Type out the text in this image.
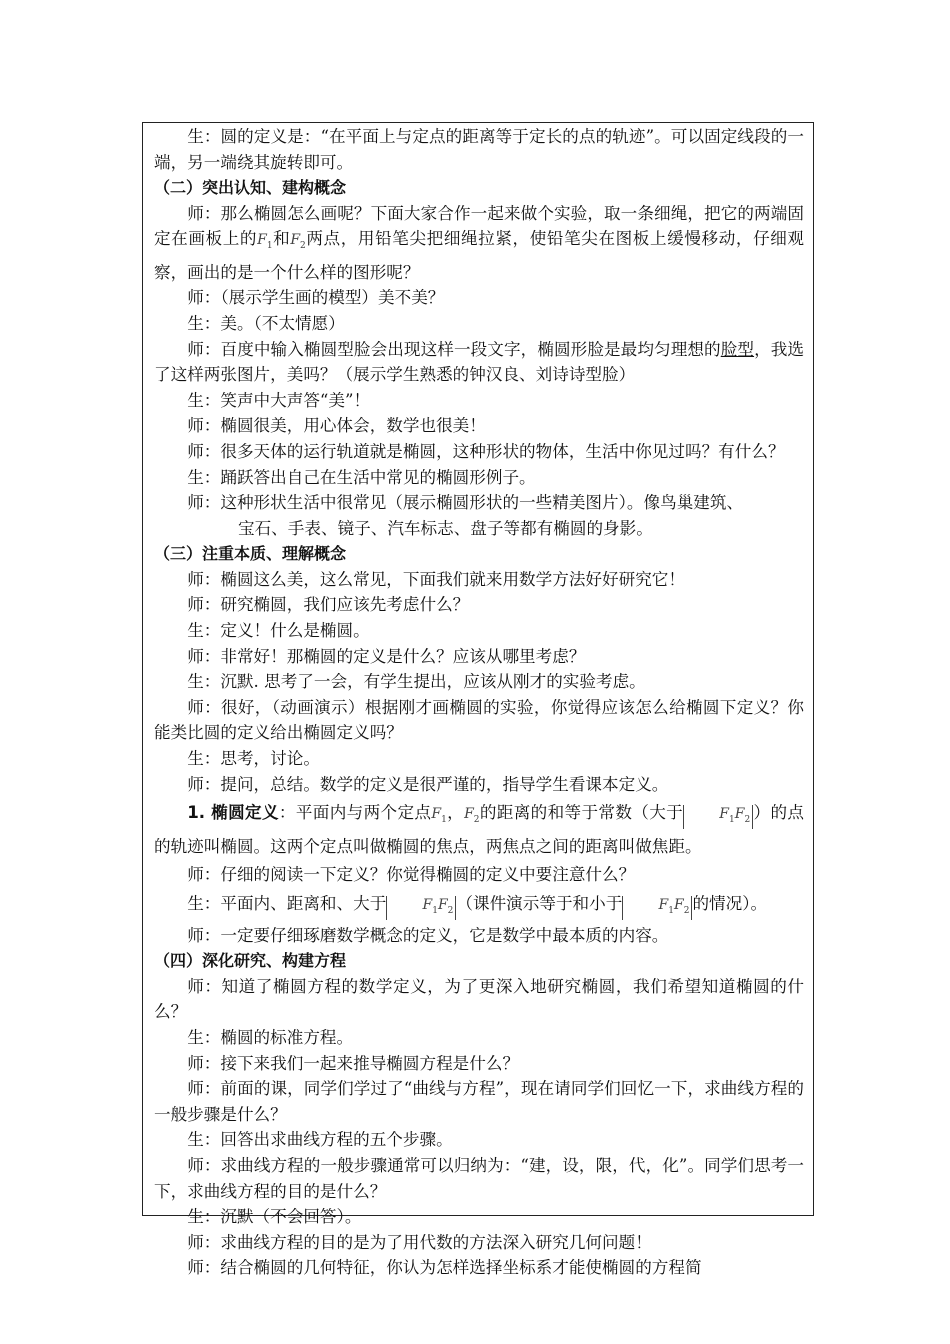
生：圆的定义是：“在平面上与定点的距离等于定长的点的轨迹”。可以固定线段的一端，另一端绕其旋转即可。

（二）突出认知、建构概念

师：那么椭圆怎么画呢？下面大家合作一起来做个实验，取一条细绳，把它的两端固定在画板上的$F_1$和$F_2$两点，用铅笔尖把细绳拉紧，使铅笔尖在图板上缓慢移动，仔细观察，画出的是一个什么样的图形呢？

师：（展示学生画的模型）美不美？

生：美。（不太情愿）

师：百度中输入椭圆型脸会出现这样一段文字，椭圆形脸是最均匀理想的脸型，我选了这样两张图片，美吗？（展示学生熟悉的钟汉良、刘诗诗型脸）

生：笑声中大声答“美”！

师：椭圆很美，用心体会，数学也很美！

师：很多天体的运行轨道就是椭圆，这种形状的物体，生活中你见过吗？有什么？

生：踊跃答出自己在生活中常见的椭圆形例子。

师：这种形状生活中很常见（展示椭圆形状的一些精美图片）。像鸟巢建筑、

宝石、手表、镜子、汽车标志、盘子等都有椭圆的身影。

（三）注重本质、理解概念

师：椭圆这么美，这么常见，下面我们就来用数学方法好好研究它！

师：研究椭圆，我们应该先考虑什么？

生：定义！什么是椭圆。

师：非常好！那椭圆的定义是什么？应该从哪里考虑？

生：沉默. 思考了一会，有学生提出，应该从刚才的实验考虑。

师：很好，（动画演示）根据刚才画椭圆的实验，你觉得应该怎么给椭圆下定义？你能类比圆的定义给出椭圆定义吗？

生：思考，讨论。

师：提问，总结。数学的定义是很严谨的，指导学生看课本定义。

1. 椭圆定义：平面内与两个定点$F_1$，$F_2$的距离的和等于常数（大于	$F_1F_2$ ）的点的轨迹叫椭圆。这两个定点叫做椭圆的焦点，两焦点之间的距离叫做焦距。

师：仔细的阅读一下定义？你觉得椭圆的定义中要注意什么？

生：平面内、距离和、大于	$F_1F_2$ （课件演示等于和小于	$F_1F_2$ 的情况）。

师：一定要仔细琢磨数学概念的定义，它是数学中最本质的内容。

（四）深化研究、构建方程

师：知道了椭圆方程的数学定义，为了更深入地研究椭圆，我们希望知道椭圆的什么？

生：椭圆的标准方程。

师：接下来我们一起来推导椭圆方程是什么？

师：前面的课，同学们学过了“曲线与方程”，现在请同学们回忆一下，求曲线方程的一般步骤是什么？

生：回答出求曲线方程的五个步骤。

师：求曲线方程的一般步骤通常可以归纳为：“建，设，限，代，化”。同学们思考一下，求曲线方程的目的是什么？

生：沉默（不会回答）。

师：求曲线方程的目的是为了用代数的方法深入研究几何问题！

师：结合椭圆的几何特征，你认为怎样选择坐标系才能使椭圆的方程简
